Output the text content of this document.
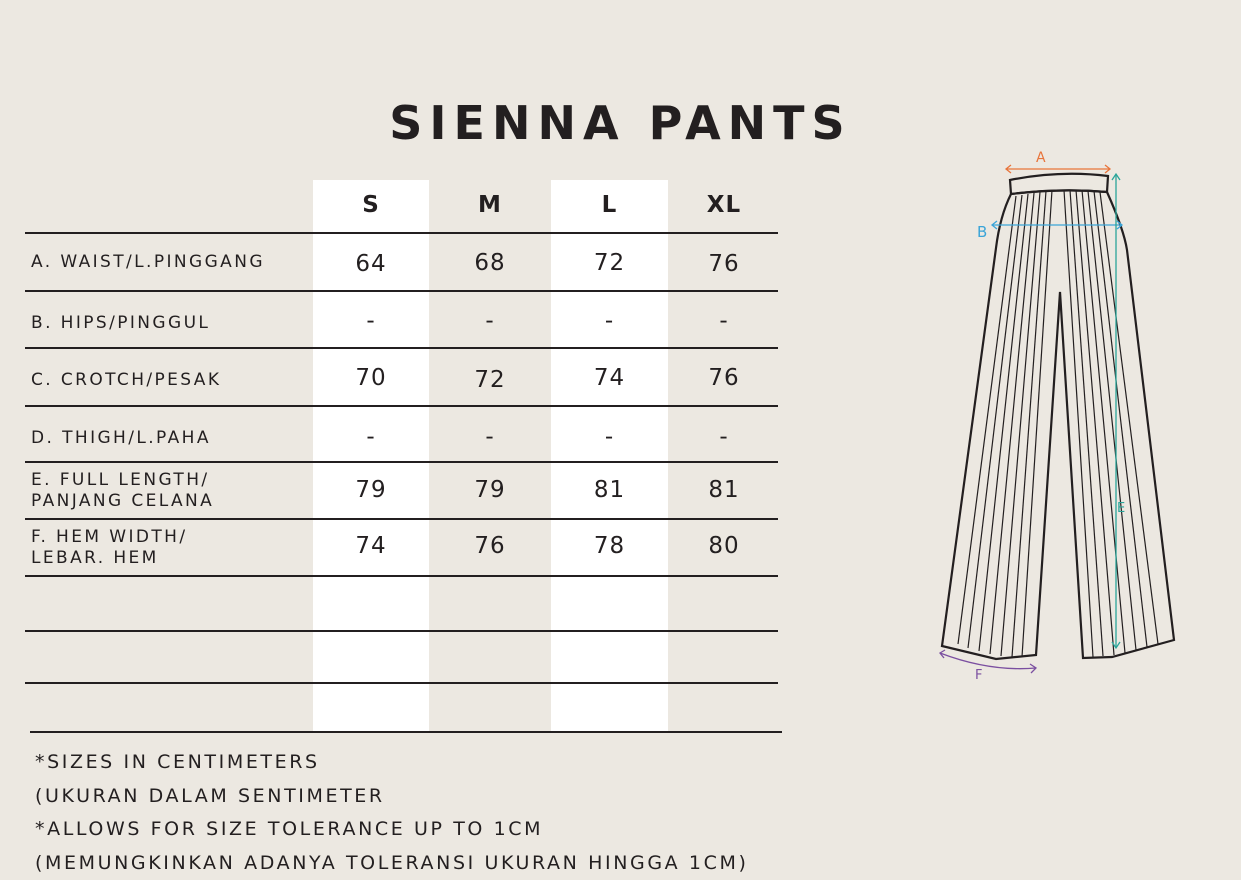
SIENNA PANTS
S	M	L	XL
A. WAIST/L.PINGGANG	64	68	72	76
B. HIPS/PINGGUL	-	-	-	-
C. CROTCH/PESAK	70	72	74	76
D. THIGH/L.PAHA	-	-	-	-
E. FULL LENGTH/
PANJANG CELANA	79	79	81	81
F. HEM WIDTH/
LEBAR. HEM	74	76	78	80
*SIZES IN CENTIMETERS
(UKURAN DALAM SENTIMETER
*ALLOWS FOR SIZE TOLERANCE UP TO 1CM
(MEMUNGKINKAN ADANYA TOLERANSI UKURAN HINGGA 1CM)
A
B
E
F
